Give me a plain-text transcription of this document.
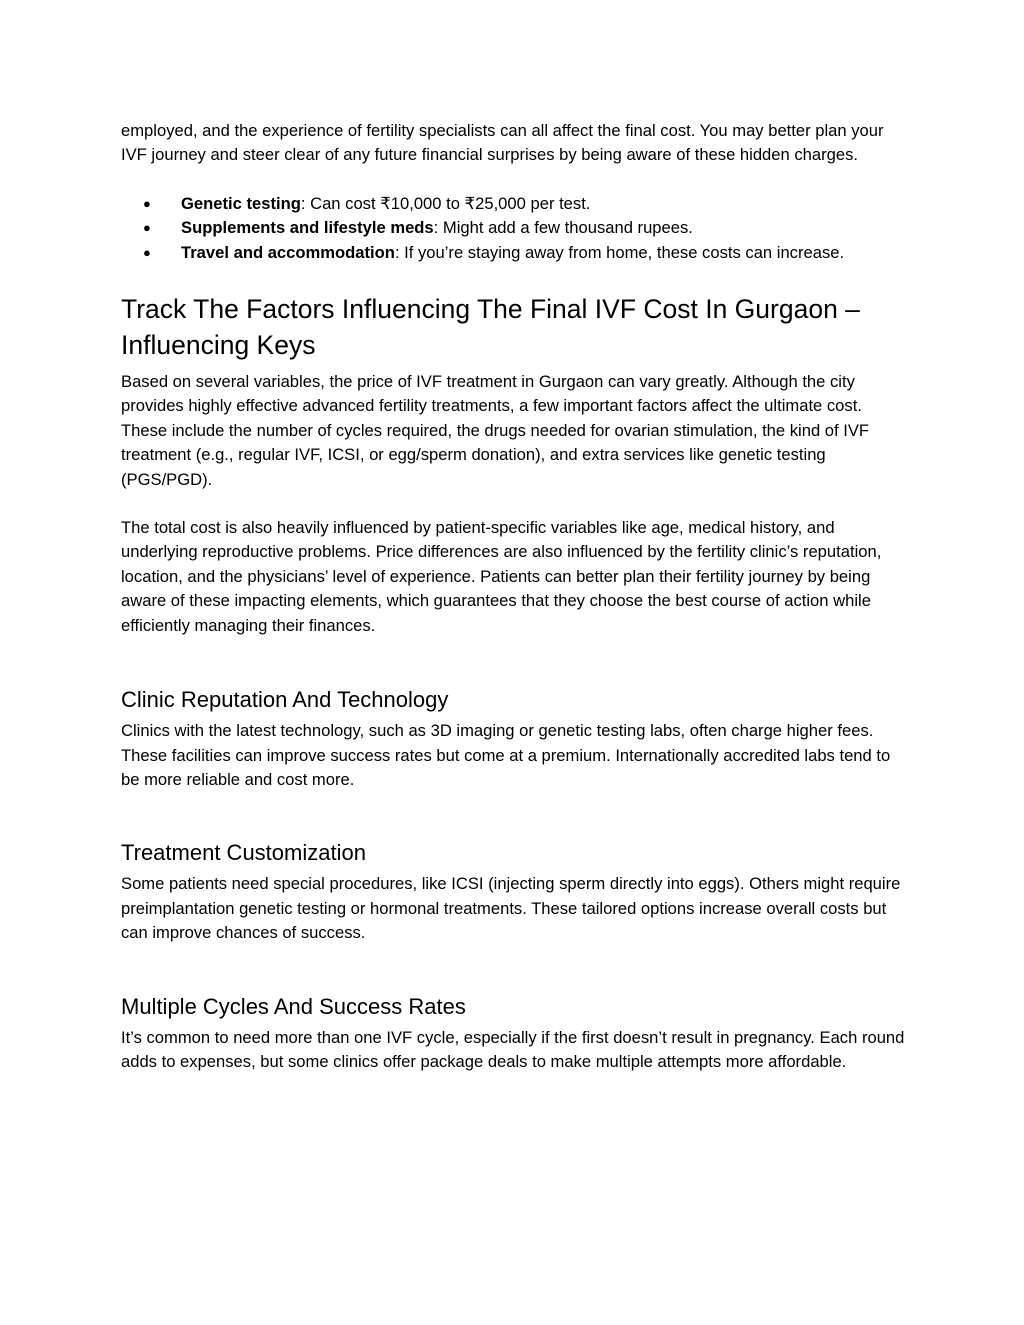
employed, and the experience of fertility specialists can all affect the final cost. You may better plan your IVF journey and steer clear of any future financial surprises by being aware of these hidden charges.

● Genetic testing: Can cost ₹10,000 to ₹25,000 per test.
● Supplements and lifestyle meds: Might add a few thousand rupees.
● Travel and accommodation: If you’re staying away from home, these costs can increase.
Track The Factors Influencing The Final IVF Cost In Gurgaon – Influencing Keys

Based on several variables, the price of IVF treatment in Gurgaon can vary greatly. Although the city provides highly effective advanced fertility treatments, a few important factors affect the ultimate cost. These include the number of cycles required, the drugs needed for ovarian stimulation, the kind of IVF treatment (e.g., regular IVF, ICSI, or egg/sperm donation), and extra services like genetic testing (PGS/PGD).

The total cost is also heavily influenced by patient-specific variables like age, medical history, and underlying reproductive problems. Price differences are also influenced by the fertility clinic’s reputation, location, and the physicians’ level of experience. Patients can better plan their fertility journey by being aware of these impacting elements, which guarantees that they choose the best course of action while efficiently managing their finances.

Clinic Reputation And Technology

Clinics with the latest technology, such as 3D imaging or genetic testing labs, often charge higher fees. These facilities can improve success rates but come at a premium. Internationally accredited labs tend to be more reliable and cost more.

Treatment Customization

Some patients need special procedures, like ICSI (injecting sperm directly into eggs). Others might require preimplantation genetic testing or hormonal treatments. These tailored options increase overall costs but can improve chances of success.

Multiple Cycles And Success Rates

It’s common to need more than one IVF cycle, especially if the first doesn’t result in pregnancy. Each round adds to expenses, but some clinics offer package deals to make multiple attempts more affordable.
